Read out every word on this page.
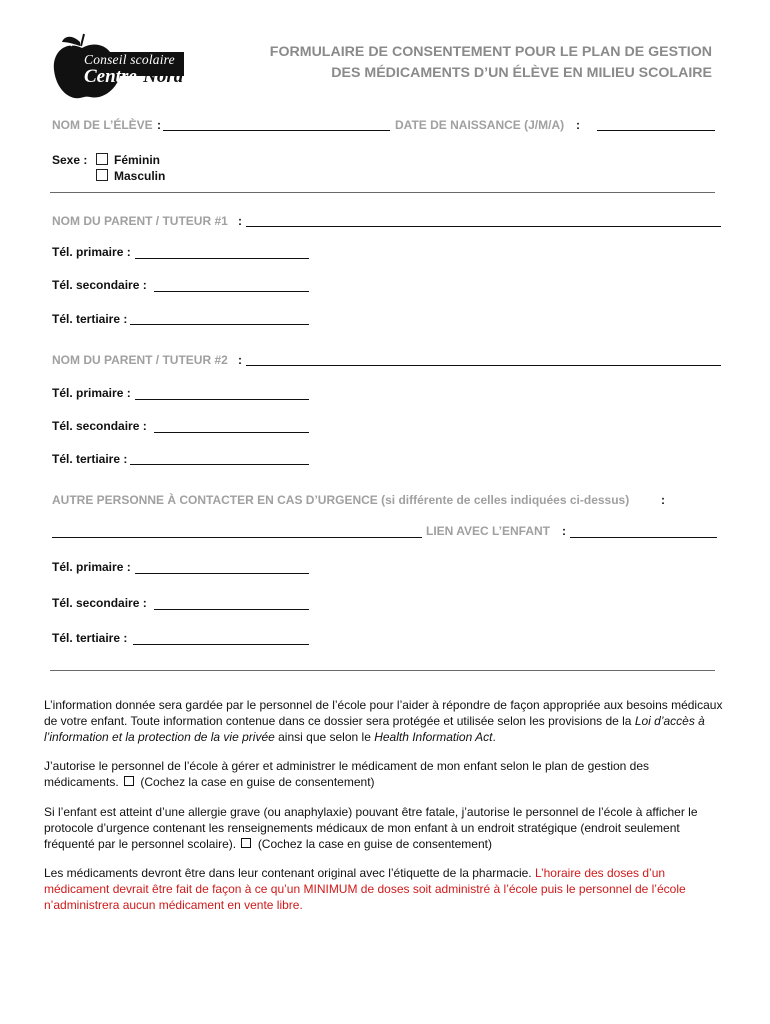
Conseil scolaire
Centre-Nord
FORMULAIRE DE CONSENTEMENT POUR LE PLAN DE GESTION
DES MÉDICAMENTS D’UN ÉLÈVE EN MILIEU SCOLAIRE
NOM DE L’ÉLÈVE :	DATE DE NAISSANCE (J/M/A) :
Sexe :	Féminin
Masculin
NOM DU PARENT / TUTEUR #1 :
Tél. primaire :
Tél. secondaire :
Tél. tertiaire :
NOM DU PARENT / TUTEUR #2 :
Tél. primaire :
Tél. secondaire :
Tél. tertiaire :
AUTRE PERSONNE À CONTACTER EN CAS D’URGENCE (si différente de celles indiquées ci-dessus)	:
LIEN AVEC L’ENFANT :
Tél. primaire :
Tél. secondaire :
Tél. tertiaire :
L’information donnée sera gardée par le personnel de l’école pour l’aider à répondre de façon appropriée aux besoins médicaux de votre enfant. Toute information contenue dans ce dossier sera protégée et utilisée selon les provisions de la Loi d’accès à l’information et la protection de la vie privée ainsi que selon le Health Information Act.
J’autorise le personnel de l’école à gérer et administrer le médicament de mon enfant selon le plan de gestion des médicaments. (Cochez la case en guise de consentement)
Si l’enfant est atteint d’une allergie grave (ou anaphylaxie) pouvant être fatale, j’autorise le personnel de l’école à afficher le protocole d’urgence contenant les renseignements médicaux de mon enfant à un endroit stratégique (endroit seulement fréquenté par le personnel scolaire). (Cochez la case en guise de consentement)
Les médicaments devront être dans leur contenant original avec l’étiquette de la pharmacie. L’horaire des doses d’un médicament devrait être fait de façon à ce qu’un MINIMUM de doses soit administré à l’école puis le personnel de l’école n’administrera aucun médicament en vente libre.
